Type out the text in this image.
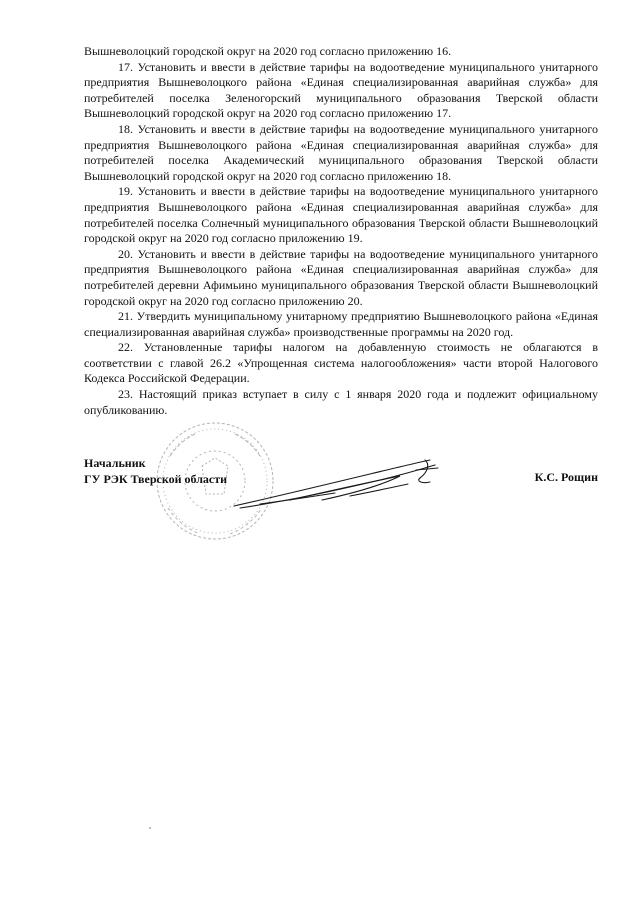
Вышневолоцкий городской округ на 2020 год согласно приложению 16.

17. Установить и ввести в действие тарифы на водоотведение муниципального унитарного предприятия Вышневолоцкого района «Единая специализированная аварийная служба» для потребителей поселка Зеленогорский муниципального образования Тверской области Вышневолоцкий городской округ на 2020 год согласно приложению 17.

18. Установить и ввести в действие тарифы на водоотведение муниципального унитарного предприятия Вышневолоцкого района «Единая специализированная аварийная служба» для потребителей поселка Академический муниципального образования Тверской области Вышневолоцкий городской округ на 2020 год согласно приложению 18.

19. Установить и ввести в действие тарифы на водоотведение муниципального унитарного предприятия Вышневолоцкого района «Единая специализированная аварийная служба» для потребителей поселка Солнечный муниципального образования Тверской области Вышневолоцкий городской округ на 2020 год согласно приложению 19.

20. Установить и ввести в действие тарифы на водоотведение муниципального унитарного предприятия Вышневолоцкого района «Единая специализированная аварийная служба» для потребителей деревни Афимьино муниципального образования Тверской области Вышневолоцкий городской округ на 2020 год согласно приложению 20.

21. Утвердить муниципальному унитарному предприятию Вышневолоцкого района «Единая специализированная аварийная служба» производственные программы на 2020 год.

22. Установленные тарифы налогом на добавленную стоимость не облагаются в соответствии с главой 26.2 «Упрощенная система налогообложения» части второй Налогового Кодекса Российской Федерации.

23. Настоящий приказ вступает в силу с 1 января 2020 года и подлежит официальному опубликованию.

Начальник
ГУ РЭК Тверской области	К.С. Рощин
